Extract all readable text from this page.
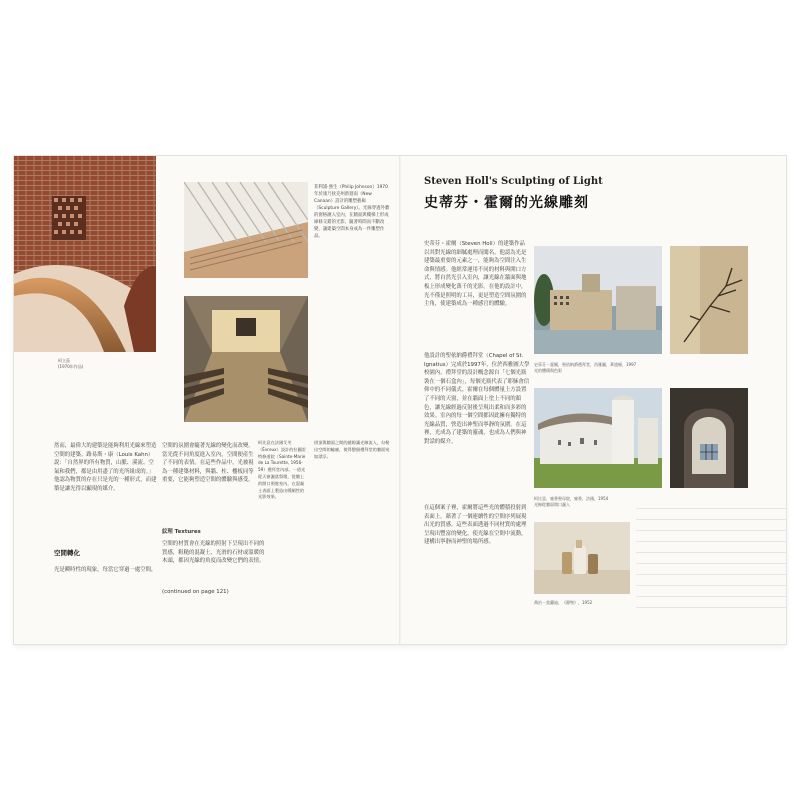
柯立茲
(1970年作品)
菲利浦·強生（Philip Johnson）1970年於康乃狄克州新迦南（New Canaan）設計的雕塑藝廊（Sculpture Gallery）。光線穿過外牆的窗格灑入室內，在牆面與樓梯上形成線條交錯的光影，隨著時間而不斷改變，讓建築空間本身成為一件雕塑作品。
柯比意在法國艾芙（Évreux）設計的拉圖雷特修道院（Sainte-Marie de La Tourette, 1956-59）禮拜堂內部。一道光從天窗灑落祭壇，從牆上的開口照進室內，在混凝土表面上製造出戲劇性的光影效果。
拱頂與牆面之間的縫隙讓光線流入，勾勒出空間的輪廓，使得整個禮拜堂的牆面宛如漂浮。
然而，最偉大的建築是能夠利用光線來塑造空間的建築。路易斯・康（Louis Kahn）說：「自然界的所有物質，山脈、溪流、空氣和我們，都是由用盡了的光所組成的。」他認為物質的存在只是光的一種形式，而建築是讓光得以顯現的媒介。
空間的氛圍會隨著光線的變化而改變。當光從不同角度進入室內，空間便產生了不同的表情。在這些作品中，光被視為一種建築材料，與牆、柱、樓板同等重要，它能夠塑造空間的體驗與感受。
空間轉化
光是瞬時性的現象，每當它穿過一處空間，
紋理 Textures
空間的材質會在光線的照射下呈現出不同的質感，粗糙的混凝土、光滑的石材或溫暖的木頭，都因光線的角度而改變它們的表情。
(continued on page 121)
Steven Holl's Sculpting of Light
史蒂芬・霍爾的光線雕刻
史蒂芬・霍爾（Steven Holl）的建築作品以其對光線的細膩處理而聞名。他認為光是建築最重要的元素之一，能夠為空間注入生命與情感。他經常運用不同的材料與開口方式，將自然光引入室內，讓光線在牆面與地板上形成變化萬千的光影。在他的設計中，光不僅是照明的工具，更是塑造空間氛圍的主角，使建築成為一種感官的體驗。
他設計的聖依納爵禮拜堂（Chapel of St. Ignatius）完成於1997年，位於西雅圖大學校園內。禮拜堂的設計概念源自「七個光瓶裝在一個石盒內」，每個光瓶代表了耶穌會信仰中的不同儀式。霍爾在每個體量上方設置了不同的天窗，並在牆面上塗上不同的顏色，讓光線經過反射後呈現出柔和而多彩的效果。室內的每一個空間都因此擁有獨特的光線品質，營造出神聖而寧靜的氛圍。在這裡，光成為了建築的靈魂，也成為人們與神對話的媒介。
在這個案子裡，霍爾將這些光的體積投射到表面上，藉著了一個連續性的空間序列展現出光的質感。這些表面透過不同材質的處理呈現出豐富的變化，使光線在空間中流動，建構出寧靜而神聖的場所感。
史蒂芬・霍爾，聖依納爵禮拜堂，西雅圖，華盛頓，1997
光的體積與色彩
柯比意，廊香聖母院，廊香，法國，1954
光線從牆面開口灑入
喬治・莫蘭迪，《靜物》，1952
